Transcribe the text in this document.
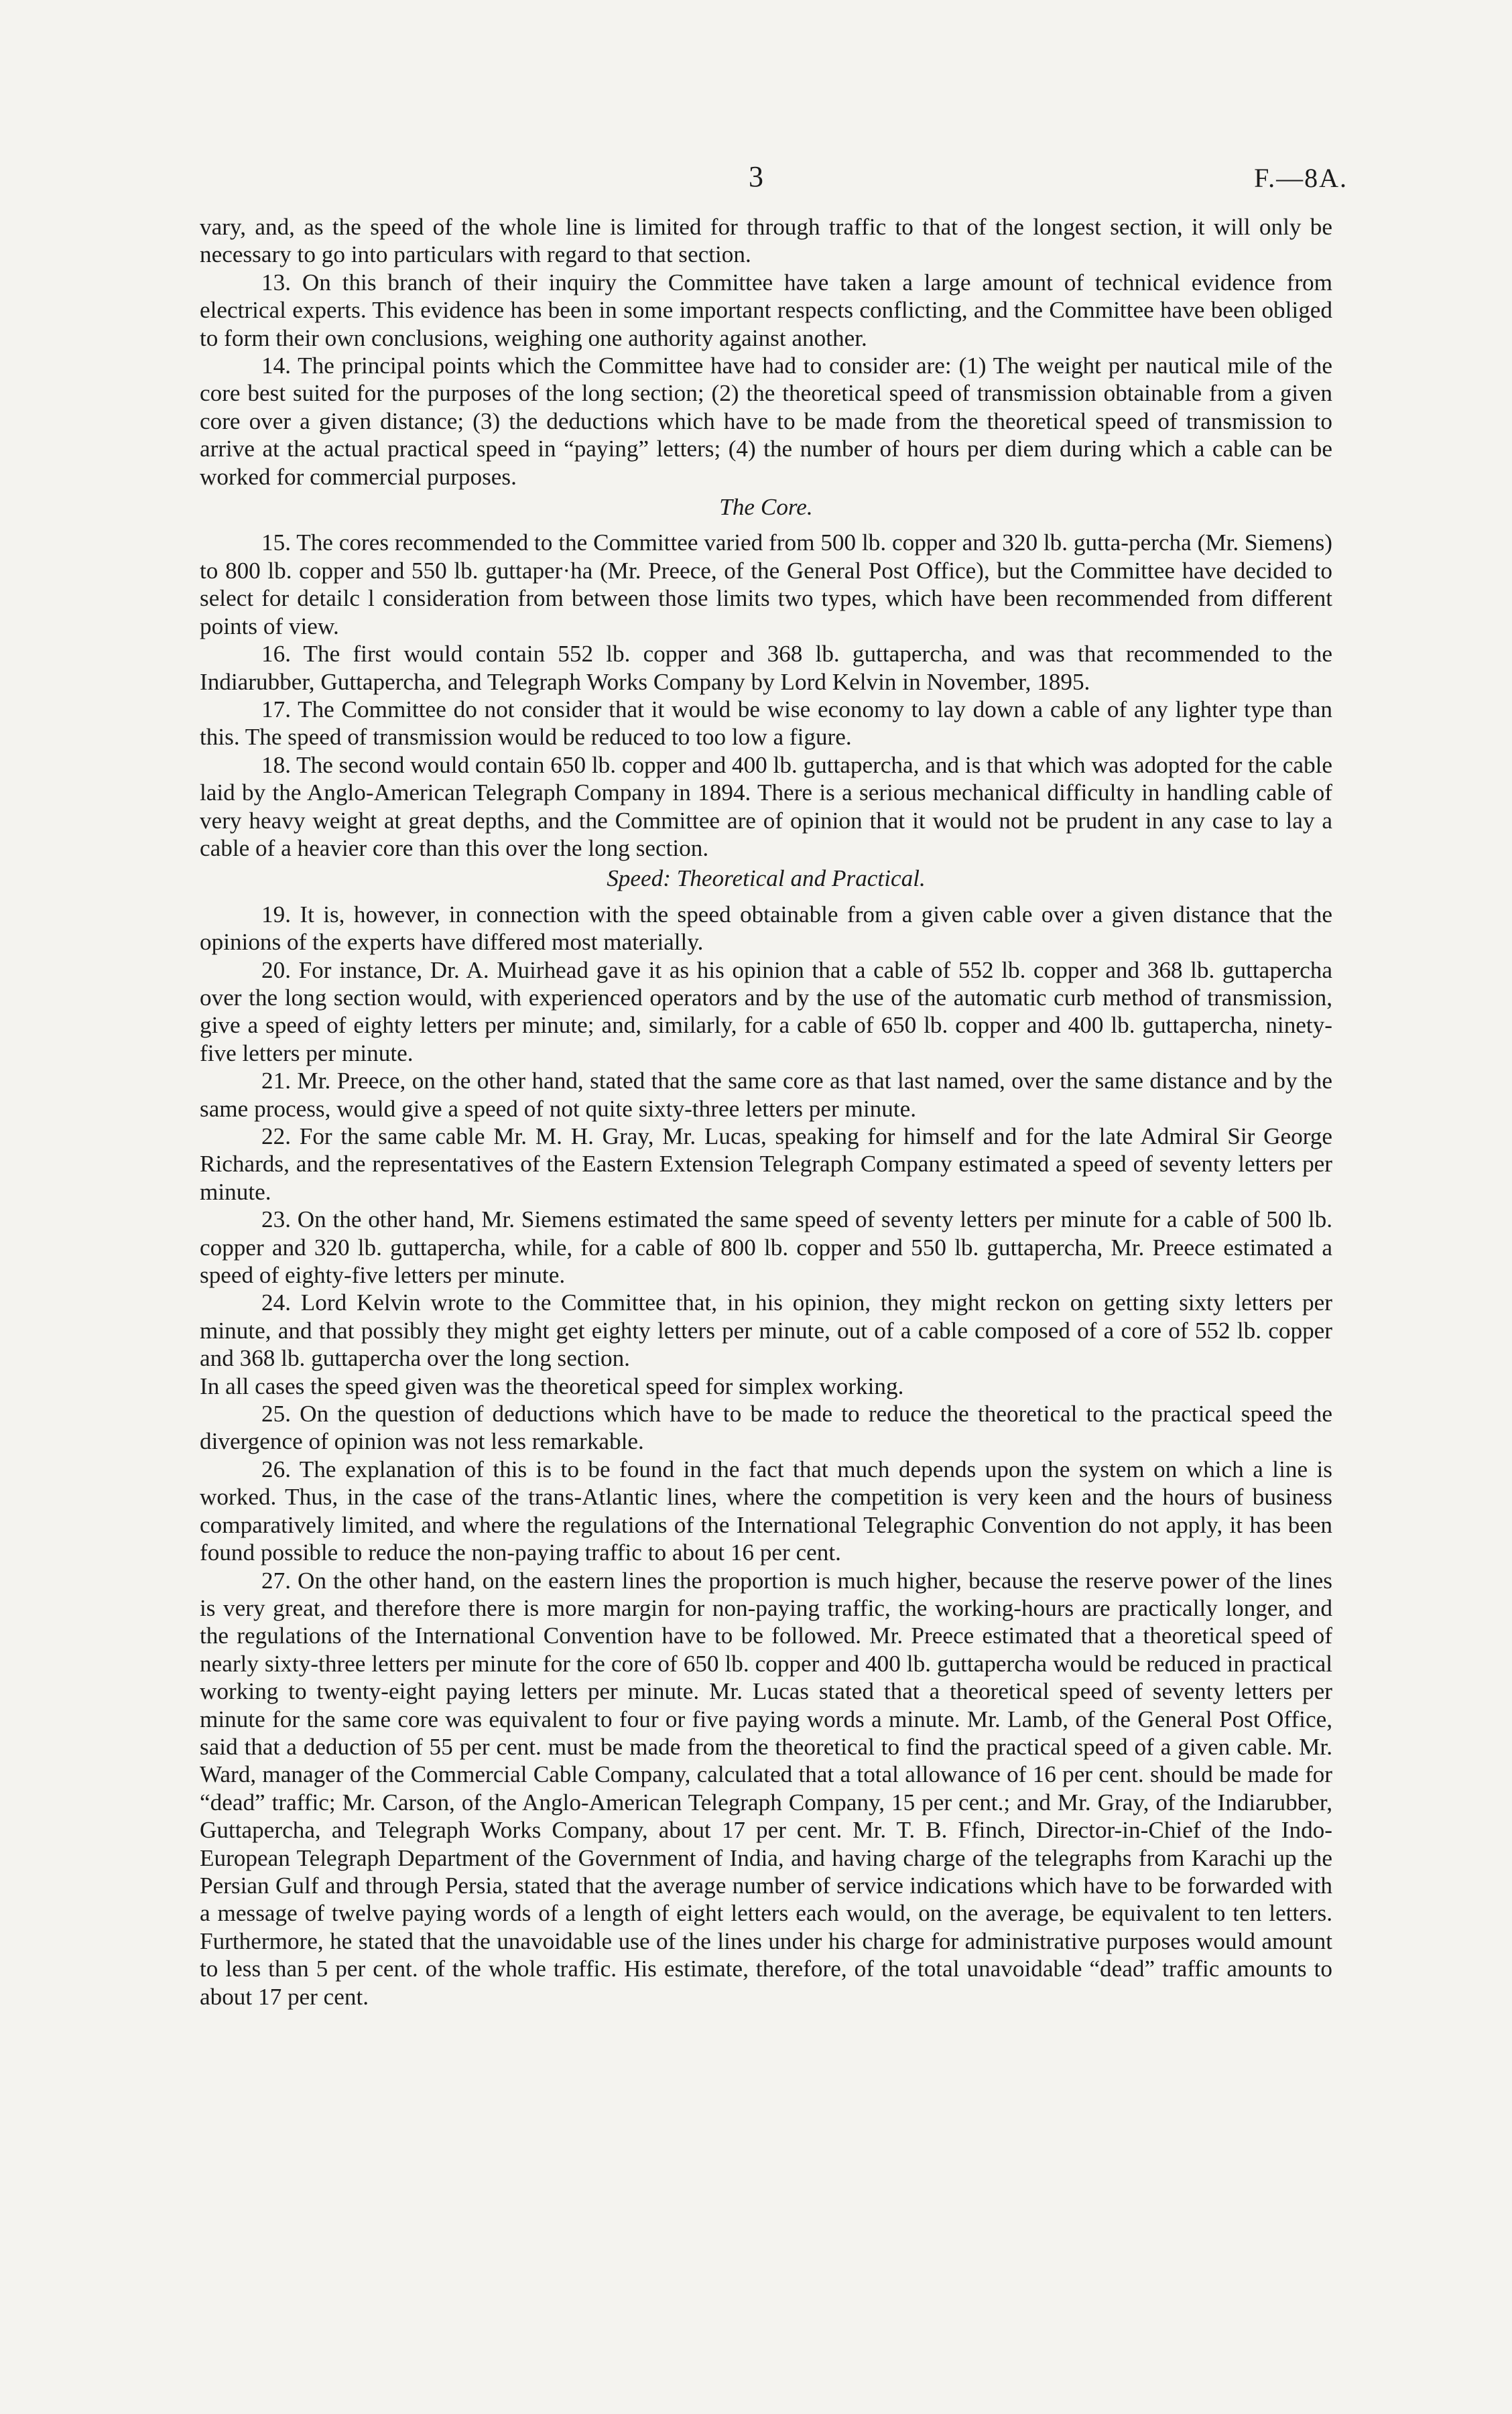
3	F.—8A.

vary, and, as the speed of the whole line is limited for through traffic to that of the longest section, it will only be necessary to go into particulars with regard to that section.

13. On this branch of their inquiry the Committee have taken a large amount of technical evidence from electrical experts. This evidence has been in some important respects conflicting, and the Committee have been obliged to form their own conclusions, weighing one authority against another.

14. The principal points which the Committee have had to consider are: (1) The weight per nautical mile of the core best suited for the purposes of the long section; (2) the theoretical speed of transmission obtainable from a given core over a given distance; (3) the deductions which have to be made from the theoretical speed of transmission to arrive at the actual practical speed in “paying” letters; (4) the number of hours per diem during which a cable can be worked for commercial purposes.

The Core.

15. The cores recommended to the Committee varied from 500 lb. copper and 320 lb. gutta-percha (Mr. Siemens) to 800 lb. copper and 550 lb. guttaper·ha (Mr. Preece, of the General Post Office), but the Committee have decided to select for detailc l consideration from between those limits two types, which have been recommended from different points of view.

16. The first would contain 552 lb. copper and 368 lb. guttapercha, and was that recommended to the Indiarubber, Guttapercha, and Telegraph Works Company by Lord Kelvin in November, 1895.

17. The Committee do not consider that it would be wise economy to lay down a cable of any lighter type than this. The speed of transmission would be reduced to too low a figure.

18. The second would contain 650 lb. copper and 400 lb. guttapercha, and is that which was adopted for the cable laid by the Anglo-American Telegraph Company in 1894. There is a serious mechanical difficulty in handling cable of very heavy weight at great depths, and the Committee are of opinion that it would not be prudent in any case to lay a cable of a heavier core than this over the long section.

Speed: Theoretical and Practical.

19. It is, however, in connection with the speed obtainable from a given cable over a given distance that the opinions of the experts have differed most materially.

20. For instance, Dr. A. Muirhead gave it as his opinion that a cable of 552 lb. copper and 368 lb. guttapercha over the long section would, with experienced operators and by the use of the automatic curb method of transmission, give a speed of eighty letters per minute; and, similarly, for a cable of 650 lb. copper and 400 lb. guttapercha, ninety-five letters per minute.

21. Mr. Preece, on the other hand, stated that the same core as that last named, over the same distance and by the same process, would give a speed of not quite sixty-three letters per minute.

22. For the same cable Mr. M. H. Gray, Mr. Lucas, speaking for himself and for the late Admiral Sir George Richards, and the representatives of the Eastern Extension Telegraph Company estimated a speed of seventy letters per minute.

23. On the other hand, Mr. Siemens estimated the same speed of seventy letters per minute for a cable of 500 lb. copper and 320 lb. guttapercha, while, for a cable of 800 lb. copper and 550 lb. guttapercha, Mr. Preece estimated a speed of eighty-five letters per minute.

24. Lord Kelvin wrote to the Committee that, in his opinion, they might reckon on getting sixty letters per minute, and that possibly they might get eighty letters per minute, out of a cable composed of a core of 552 lb. copper and 368 lb. guttapercha over the long section.

In all cases the speed given was the theoretical speed for simplex working.

25. On the question of deductions which have to be made to reduce the theoretical to the practical speed the divergence of opinion was not less remarkable.

26. The explanation of this is to be found in the fact that much depends upon the system on which a line is worked. Thus, in the case of the trans-Atlantic lines, where the competition is very keen and the hours of business comparatively limited, and where the regulations of the International Telegraphic Convention do not apply, it has been found possible to reduce the non-paying traffic to about 16 per cent.

27. On the other hand, on the eastern lines the proportion is much higher, because the reserve power of the lines is very great, and therefore there is more margin for non-paying traffic, the working-hours are practically longer, and the regulations of the International Convention have to be followed. Mr. Preece estimated that a theoretical speed of nearly sixty-three letters per minute for the core of 650 lb. copper and 400 lb. guttapercha would be reduced in practical working to twenty-eight paying letters per minute. Mr. Lucas stated that a theoretical speed of seventy letters per minute for the same core was equivalent to four or five paying words a minute. Mr. Lamb, of the General Post Office, said that a deduction of 55 per cent. must be made from the theoretical to find the practical speed of a given cable. Mr. Ward, manager of the Commercial Cable Company, calculated that a total allowance of 16 per cent. should be made for “dead” traffic; Mr. Carson, of the Anglo-American Telegraph Company, 15 per cent.; and Mr. Gray, of the Indiarubber, Guttapercha, and Telegraph Works Company, about 17 per cent. Mr. T. B. Ffinch, Director-in-Chief of the Indo-European Telegraph Department of the Government of India, and having charge of the telegraphs from Karachi up the Persian Gulf and through Persia, stated that the average number of service indications which have to be forwarded with a message of twelve paying words of a length of eight letters each would, on the average, be equivalent to ten letters. Furthermore, he stated that the unavoidable use of the lines under his charge for administrative purposes would amount to less than 5 per cent. of the whole traffic. His estimate, therefore, of the total unavoidable “dead” traffic amounts to about 17 per cent.
